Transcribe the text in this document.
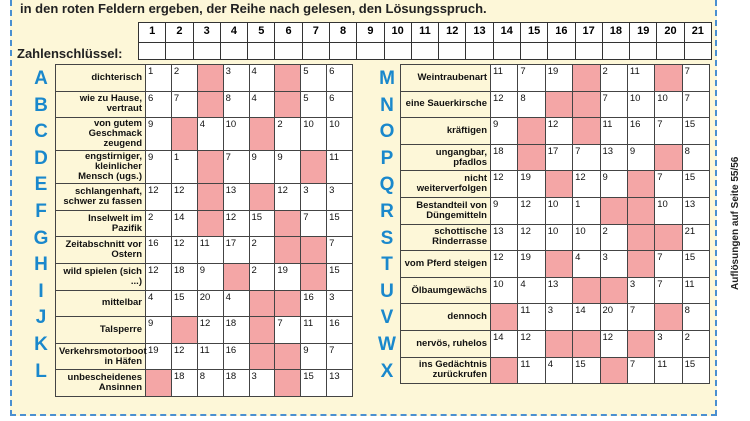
in den roten Feldern ergeben, der Reihe nach gelesen, den Lösungsspruch.
Zahlenschlüssel:
1	2	3	4	5	6	7	8	9	10	11	12	13	14	15	16	17	18	19	20	21

A
B
C
D
E
F
G
H
I
J
K
L
dichterisch	1	2		3	4		5	6
wie zu Hause, vertraut	6	7		8	4		5	6
von gutem Geschmack zeugend	9		4	10		2	10	10
engstirniger, kleinlicher Mensch (ugs.)	9	1		7	9	9		11
schlangenhaft, schwer zu fassen	12	12		13		12	3	3
Inselwelt im Pazifik	2	14		12	15		7	15
Zeitabschnitt vor Ostern	16	12	11	17	2			7
wild spielen (sich ...)	12	18	9		2	19		15
mittelbar	4	15	20	4			16	3
Talsperre	9		12	18		7	11	16
Verkehrsmotorboot in Häfen	19	12	11	16			9	7
unbescheidenes Ansinnen		18	8	18	3		15	13
M
N
O
P
Q
R
S
T
U
V
W
X
Weintraubenart	11	7	19		2	11		7
eine Sauerkirsche	12	8			7	10	10	7
kräftigen	9		12		11	16	7	15
ungangbar, pfadlos	18		17	7	13	9		8
nicht weiterverfolgen	12	19		12	9		7	15
Bestandteil von Düngemitteln	9	12	10	1			10	13
schottische Rinderrasse	13	12	10	10	2			21
vom Pferd steigen	12	19		4	3		7	15
Ölbaumgewächs	10	4	13			3	7	11
dennoch		11	3	14	20	7		8
nervös, ruhelos	14	12			12		3	2
ins Gedächtnis zurückrufen		11	4	15		7	11	15
Auflösungen auf Seite 55/56
